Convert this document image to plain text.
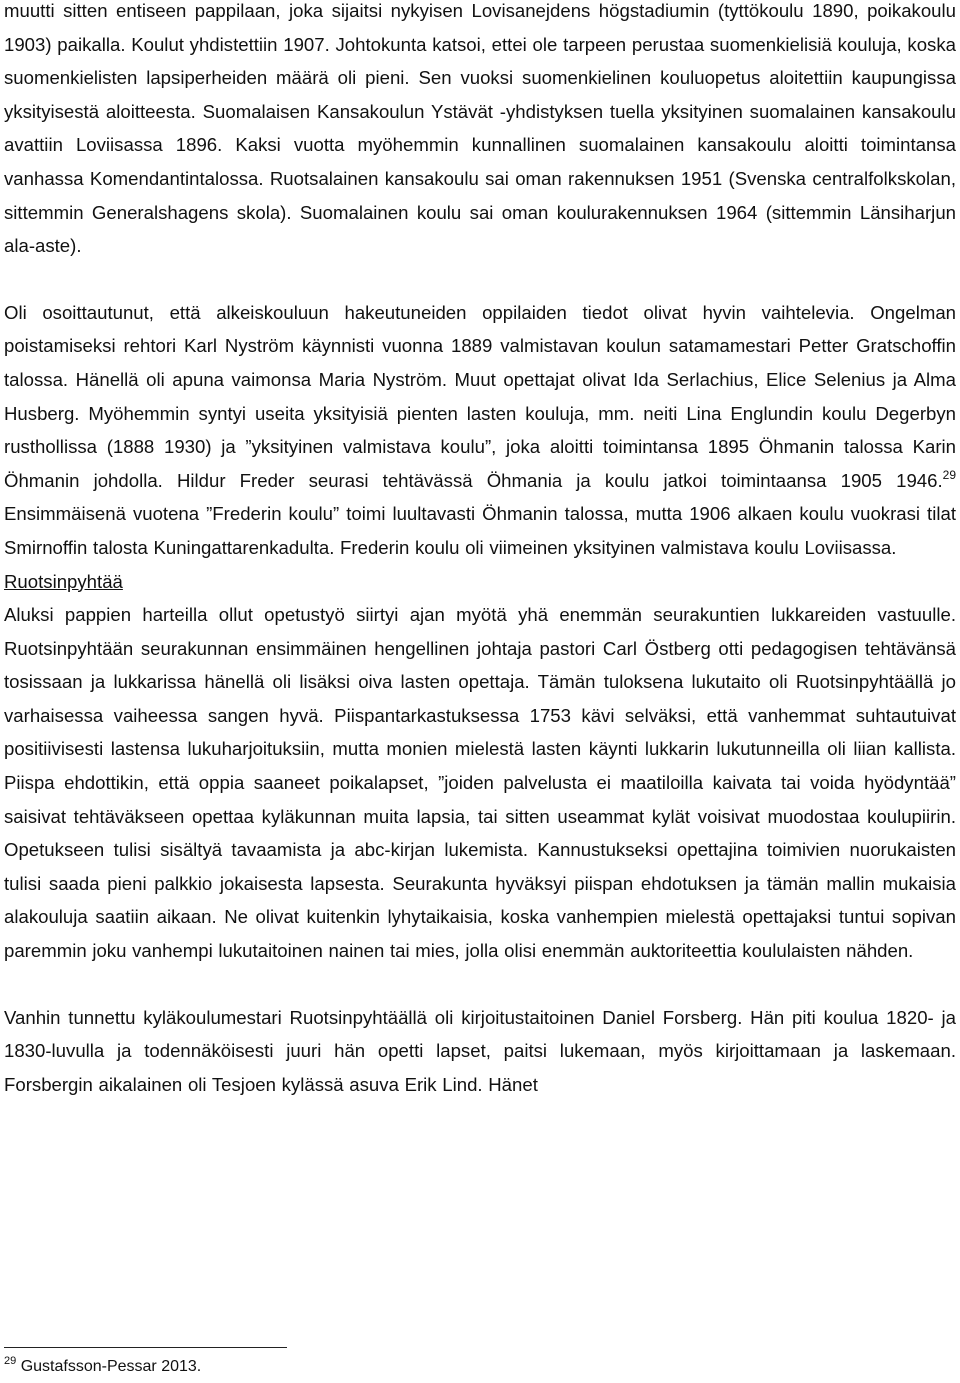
muutti sitten entiseen pappilaan, joka sijaitsi nykyisen Lovisanejdens högstadiumin (tyttökoulu 1890, poikakoulu 1903) paikalla. Koulut yhdistettiin 1907. Johtokunta katsoi, ettei ole tarpeen perustaa suomenkielisiä kouluja, koska suomenkielisten lapsiperheiden määrä oli pieni. Sen vuoksi suomenkielinen kouluopetus aloitettiin kaupungissa yksityisestä aloitteesta. Suomalaisen Kansakoulun Ystävät -yhdistyksen tuella yksityinen suomalainen kansakoulu avattiin Loviisassa 1896. Kaksi vuotta myöhemmin kunnallinen suomalainen kansakoulu aloitti toimintansa vanhassa Komendantintalossa. Ruotsalainen kansakoulu sai oman rakennuksen 1951 (Svenska centralfolkskolan, sittemmin Generalshagens skola). Suomalainen koulu sai oman koulurakennuksen 1964 (sittemmin Länsiharjun ala-aste).

Oli osoittautunut, että alkeiskouluun hakeutuneiden oppilaiden tiedot olivat hyvin vaihtelevia. Ongelman poistamiseksi rehtori Karl Nyström käynnisti vuonna 1889 valmistavan koulun satamamestari Petter Gratschoffin talossa. Hänellä oli apuna vaimonsa Maria Nyström. Muut opettajat olivat Ida Serlachius, Elice Selenius ja Alma Husberg. Myöhemmin syntyi useita yksityisiä pienten lasten kouluja, mm. neiti Lina Englundin koulu Degerbyn rusthollissa (1888 1930) ja ”yksityinen valmistava koulu”, joka aloitti toimintansa 1895 Öhmanin talossa Karin Öhmanin johdolla. Hildur Freder seurasi tehtävässä Öhmania ja koulu jatkoi toimintaansa 1905 1946.29 Ensimmäisenä vuotena ”Frederin koulu” toimi luultavasti Öhmanin talossa, mutta 1906 alkaen koulu vuokrasi tilat Smirnoffin talosta Kuningattarenkadulta. Frederin koulu oli viimeinen yksityinen valmistava koulu Loviisassa.

Ruotsinpyhtää

Aluksi pappien harteilla ollut opetustyö siirtyi ajan myötä yhä enemmän seurakuntien lukkareiden vastuulle. Ruotsinpyhtään seurakunnan ensimmäinen hengellinen johtaja pastori Carl Östberg otti pedagogisen tehtävänsä tosissaan ja lukkarissa hänellä oli lisäksi oiva lasten opettaja. Tämän tuloksena lukutaito oli Ruotsinpyhtäällä jo varhaisessa vaiheessa sangen hyvä. Piispantarkastuksessa 1753 kävi selväksi, että vanhemmat suhtautuivat positiivisesti lastensa lukuharjoituksiin, mutta monien mielestä lasten käynti lukkarin lukutunneilla oli liian kallista. Piispa ehdottikin, että oppia saaneet poikalapset, ”joiden palvelusta ei maatiloilla kaivata tai voida hyödyntää” saisivat tehtäväkseen opettaa kyläkunnan muita lapsia, tai sitten useammat kylät voisivat muodostaa koulupiirin. Opetukseen tulisi sisältyä tavaamista ja abc-kirjan lukemista. Kannustukseksi opettajina toimivien nuorukaisten tulisi saada pieni palkkio jokaisesta lapsesta. Seurakunta hyväksyi piispan ehdotuksen ja tämän mallin mukaisia alakouluja saatiin aikaan. Ne olivat kuitenkin lyhytaikaisia, koska vanhempien mielestä opettajaksi tuntui sopivan paremmin joku vanhempi lukutaitoinen nainen tai mies, jolla olisi enemmän auktoriteettia koululaisten nähden.

Vanhin tunnettu kyläkoulumestari Ruotsinpyhtäällä oli kirjoitustaitoinen Daniel Forsberg. Hän piti koulua 1820- ja 1830-luvulla ja todennäköisesti juuri hän opetti lapset, paitsi lukemaan, myös kirjoittamaan ja laskemaan. Forsbergin aikalainen oli Tesjoen kylässä asuva Erik Lind. Hänet

$^{29}$ Gustafsson-Pessar 2013.
